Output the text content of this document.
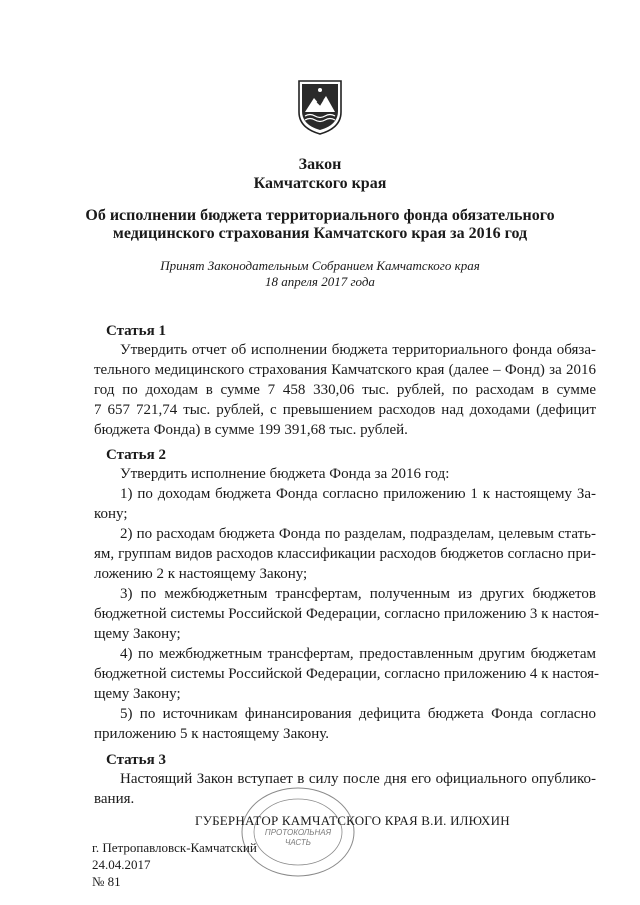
Закон
Камчатского края
Об исполнении бюджета территориального фонда обязательного
медицинского страхования Камчатского края за 2016 год
Принят Законодательным Собранием Камчатского края
18 апреля 2017 года
Статья 1
Утвердить отчет об исполнении бюджета территориального фонда обяза-
тельного медицинского страхования Камчатского края (далее – Фонд) за 2016
год по доходам в сумме 7 458 330,06 тыс. рублей, по расходам в сумме
7 657 721,74 тыс. рублей, с превышением расходов над доходами (дефицит
бюджета Фонда) в сумме 199 391,68 тыс. рублей.
Статья 2
Утвердить исполнение бюджета Фонда за 2016 год:
1) по доходам бюджета Фонда согласно приложению 1 к настоящему За-
кону;
2) по расходам бюджета Фонда по разделам, подразделам, целевым стать-
ям, группам видов расходов классификации расходов бюджетов согласно при-
ложению 2 к настоящему Закону;
3) по межбюджетным трансфертам, полученным из других бюджетов
бюджетной системы Российской Федерации, согласно приложению 3 к настоя-
щему Закону;
4) по межбюджетным трансфертам, предоставленным другим бюджетам
бюджетной системы Российской Федерации, согласно приложению 4 к настоя-
щему Закону;
5) по источникам финансирования дефицита бюджета Фонда согласно
приложению 5 к настоящему Закону.
Статья 3
Настоящий Закон вступает в силу после дня его официального опублико-
вания.
ПРОТОКОЛЬНАЯ
ЧАСТЬ
ГУБЕРНАТОР КАМЧАТСКОГО КРАЯ В.И. ИЛЮХИН
г. Петропавловск-Камчатский
24.04.2017
№ 81
